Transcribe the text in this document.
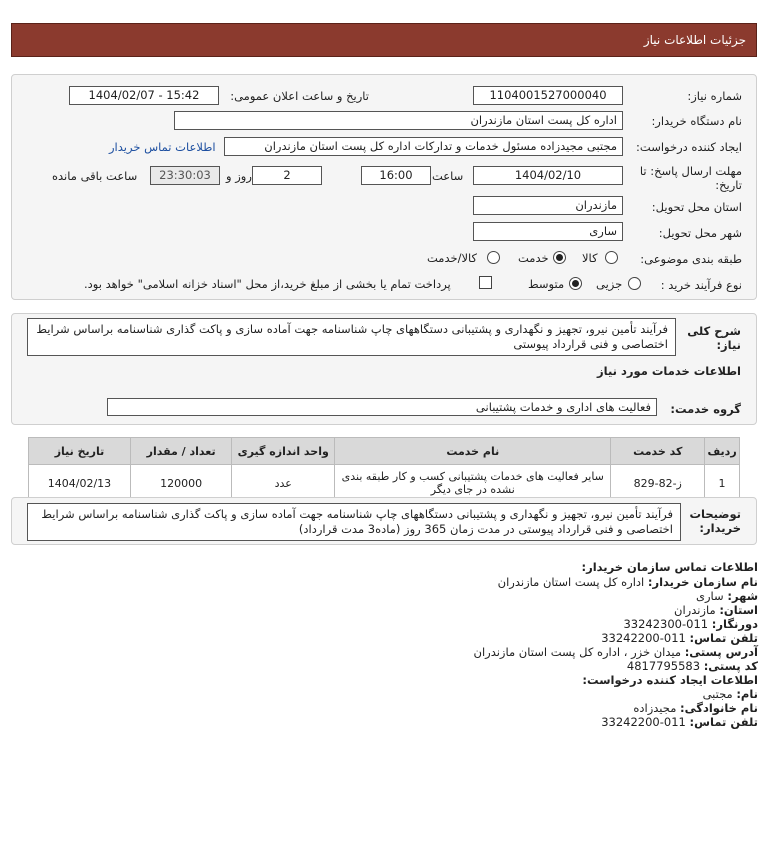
جزئیات اطلاعات نیاز
شماره نیاز:
1104001527000040
تاریخ و ساعت اعلان عمومی:
1404/02/07 - 15:42
نام دستگاه خریدار:
اداره کل پست استان مازندران
ایجاد کننده درخواست:
مجتبی مجیدزاده مسئول خدمات و تدارکات اداره کل پست استان مازندران
اطلاعات تماس خریدار
مهلت ارسال پاسخ: تا
تاریخ:
1404/02/10
ساعت
16:00
2
روز و
23:30:03
ساعت باقی مانده
استان محل تحویل:
مازندران
شهر محل تحویل:
ساری
طبقه بندی موضوعی:
کالا
خدمت
کالا/خدمت
نوع فرآیند خرید :
جزیی
متوسط
پرداخت تمام یا بخشی از مبلغ خرید،از محل "اسناد خزانه اسلامی" خواهد بود.
شرح کلی
نیاز:
فرآیند تأمین نیرو، تجهیز و نگهداری و پشتیبانی دستگاههای چاپ شناسنامه جهت آماده سازی و پاکت گذاری شناسنامه براساس شرایط اختصاصی و فنی قرارداد پیوستی
اطلاعات خدمات مورد نیاز
گروه خدمت:
فعالیت های اداری و خدمات پشتیبانی
ردیف	کد خدمت	نام خدمت	واحد اندازه گیری	تعداد / مقدار	تاریخ نیاز
1	ز-82-829	سایر فعالیت های خدمات پشتیبانی کسب و کار طبقه بندی نشده در جای دیگر	عدد	120000	1404/02/13
توضیحات
خریدار:
فرآیند تأمین نیرو، تجهیز و نگهداری و پشتیبانی دستگاههای چاپ شناسنامه جهت آماده سازی و پاکت گذاری شناسنامه براساس شرایط اختصاصی و فنی قرارداد پیوستی در مدت زمان 365 روز (ماده3 مدت قرارداد)
اطلاعات تماس سازمان خریدار:
نام سازمان خریدار: اداره کل پست استان مازندران
شهر: ساری
استان: مازندران
دورنگار: 011-33242300
تلفن تماس: 011-33242200
آدرس پستی: میدان خزر ، اداره کل پست استان مازندران
کد پستی: 4817795583
اطلاعات ایجاد کننده درخواست:
نام: مجتبی
نام خانوادگی: مجیدزاده
تلفن تماس: 011-33242200
